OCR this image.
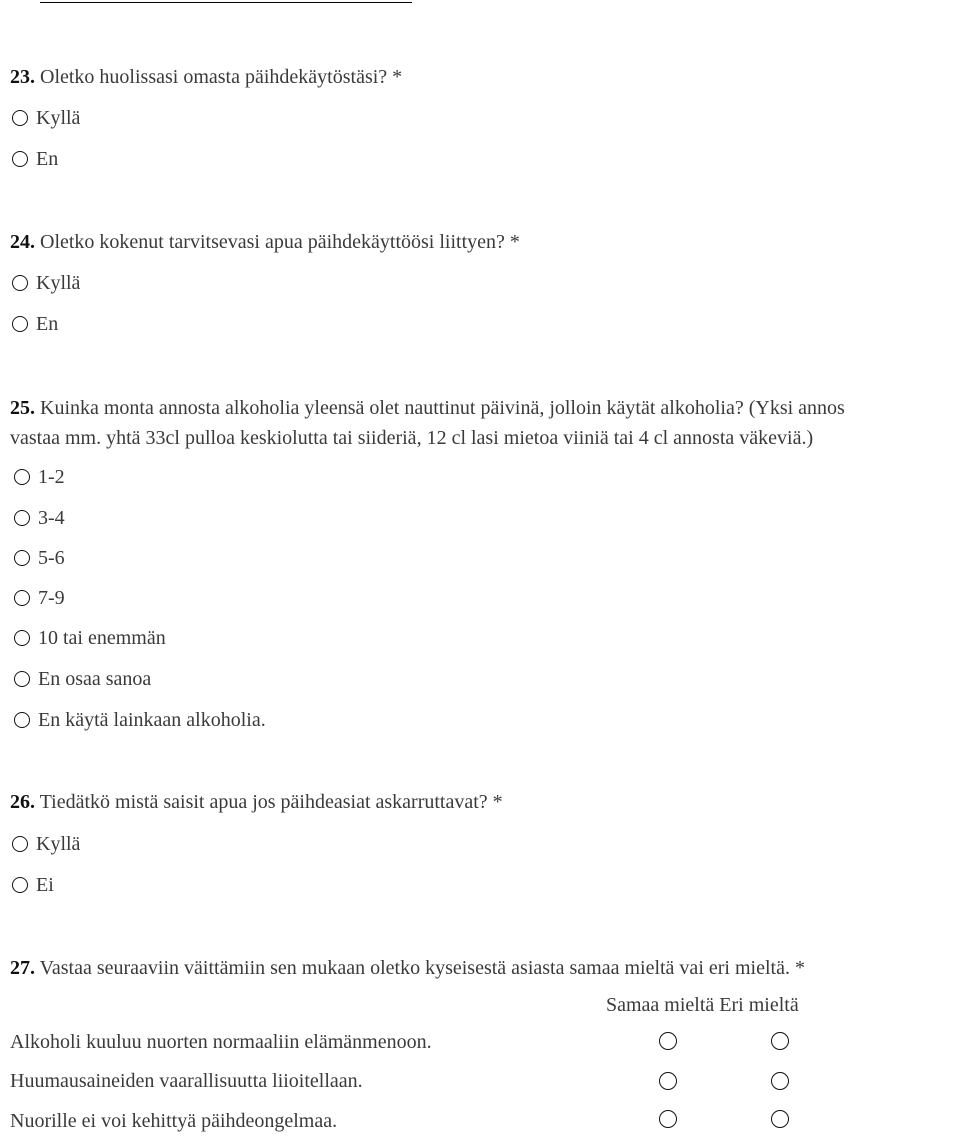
23. Oletko huolissasi omasta päihdekäytöstäsi? *
Kyllä
En
24. Oletko kokenut tarvitsevasi apua päihdekäyttöösi liittyen? *
Kyllä
En
25. Kuinka monta annosta alkoholia yleensä olet nauttinut päivinä, jolloin käytät alkoholia? (Yksi annos
vastaa mm. yhtä 33cl pulloa keskiolutta tai siideriä, 12 cl lasi mietoa viiniä tai 4 cl annosta väkeviä.)
1-2
3-4
5-6
7-9
10 tai enemmän
En osaa sanoa
En käytä lainkaan alkoholia.
26. Tiedätkö mistä saisit apua jos päihdeasiat askarruttavat? *
Kyllä
Ei
27. Vastaa seuraaviin väittämiin sen mukaan oletko kyseisestä asiasta samaa mieltä vai eri mieltä. *
Samaa mieltä Eri mieltä
Alkoholi kuuluu nuorten normaaliin elämänmenoon.
Huumausaineiden vaarallisuutta liioitellaan.
Nuorille ei voi kehittyä päihdeongelmaa.
